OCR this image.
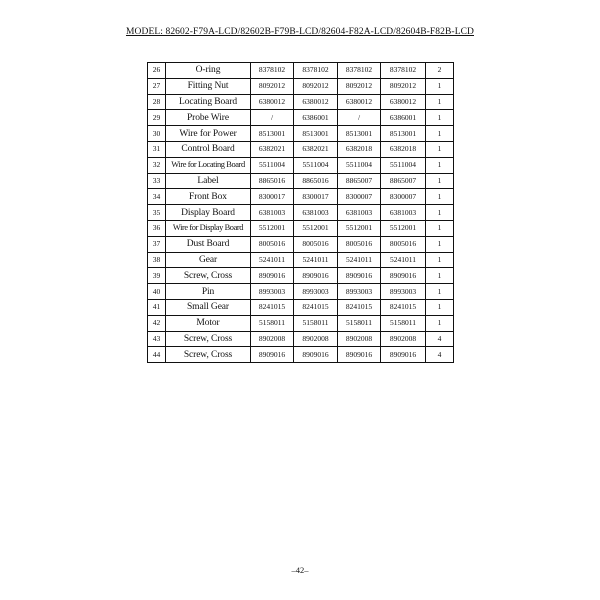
MODEL: 82602-F79A-LCD/82602B-F79B-LCD/82604-F82A-LCD/82604B-F82B-LCD
26	O-ring	8378102	8378102	8378102	8378102	2
27	Fitting Nut	8092012	8092012	8092012	8092012	1
28	Locating Board	6380012	6380012	6380012	6380012	1
29	Probe Wire	/	6386001	/	6386001	1
30	Wire for Power	8513001	8513001	8513001	8513001	1
31	Control Board	6382021	6382021	6382018	6382018	1
32	Wire for Locating Board	5511004	5511004	5511004	5511004	1
33	Label	8865016	8865016	8865007	8865007	1
34	Front Box	8300017	8300017	8300007	8300007	1
35	Display Board	6381003	6381003	6381003	6381003	1
36	Wire for Display Board	5512001	5512001	5512001	5512001	1
37	Dust Board	8005016	8005016	8005016	8005016	1
38	Gear	5241011	5241011	5241011	5241011	1
39	Screw, Cross	8909016	8909016	8909016	8909016	1
40	Pin	8993003	8993003	8993003	8993003	1
41	Small Gear	8241015	8241015	8241015	8241015	1
42	Motor	5158011	5158011	5158011	5158011	1
43	Screw, Cross	8902008	8902008	8902008	8902008	4
44	Screw, Cross	8909016	8909016	8909016	8909016	4
–42–
